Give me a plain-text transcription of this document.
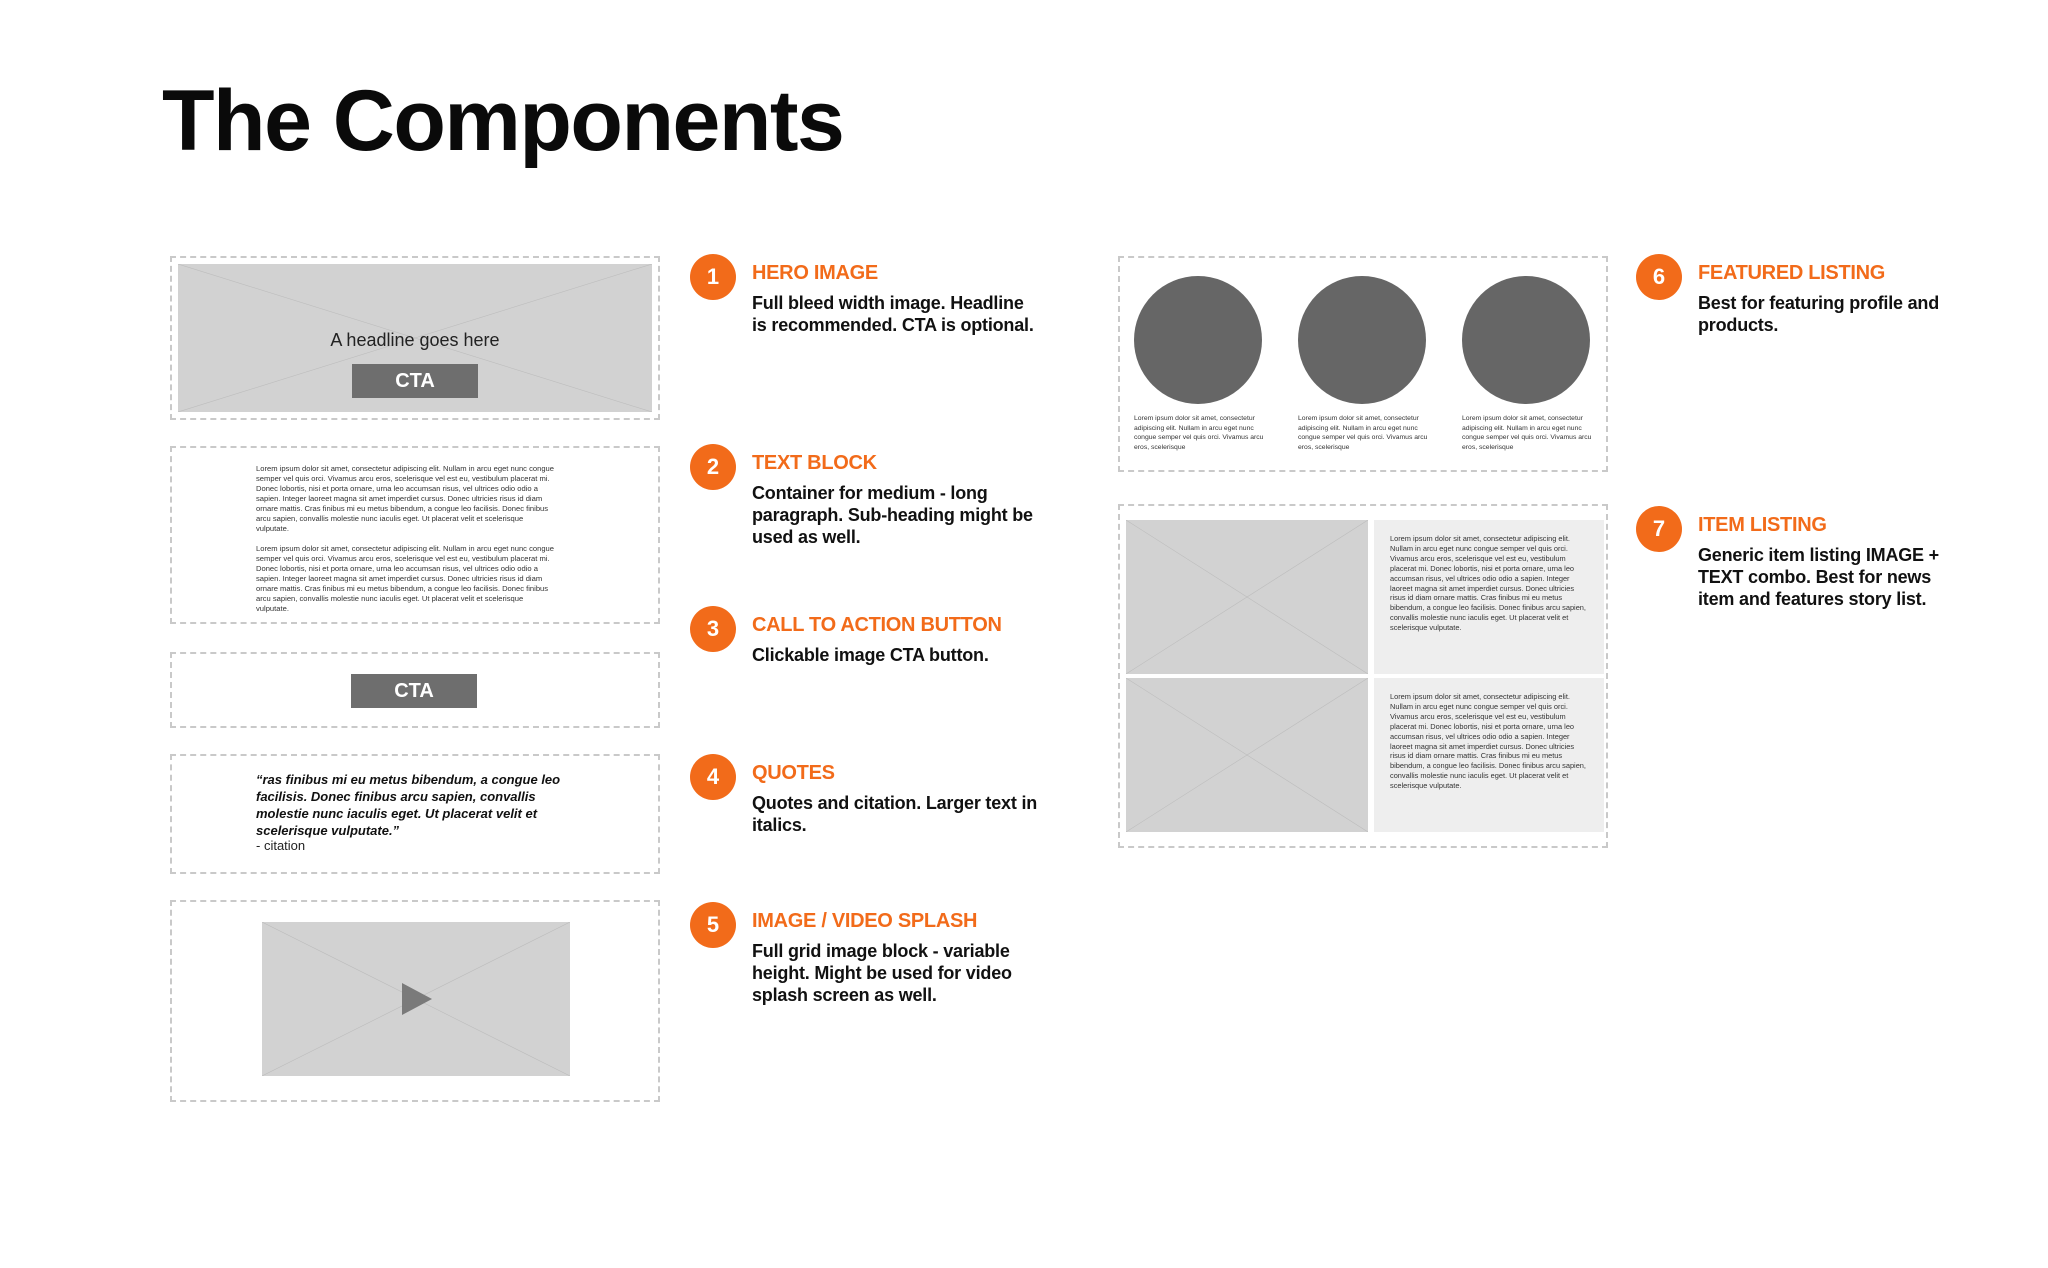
The Components
A headline goes here
CTA
Lorem ipsum dolor sit amet, consectetur adipiscing elit. Nullam in arcu eget nunc congue semper vel quis orci. Vivamus arcu eros, scelerisque vel est eu, vestibulum placerat mi. Donec lobortis, nisi et porta ornare, urna leo accumsan risus, vel ultrices odio odio a sapien. Integer laoreet magna sit amet imperdiet cursus. Donec ultricies risus id diam ornare mattis. Cras finibus mi eu metus bibendum, a congue leo facilisis. Donec finibus arcu sapien, convallis molestie nunc iaculis eget. Ut placerat velit et scelerisque vulputate.
Lorem ipsum dolor sit amet, consectetur adipiscing elit. Nullam in arcu eget nunc congue semper vel quis orci. Vivamus arcu eros, scelerisque vel est eu, vestibulum placerat mi. Donec lobortis, nisi et porta ornare, urna leo accumsan risus, vel ultrices odio odio a sapien. Integer laoreet magna sit amet imperdiet cursus. Donec ultricies risus id diam ornare mattis. Cras finibus mi eu metus bibendum, a congue leo facilisis. Donec finibus arcu sapien, convallis molestie nunc iaculis eget. Ut placerat velit et scelerisque vulputate.
CTA
“ras finibus mi eu metus bibendum, a congue leo facilisis. Donec finibus arcu sapien, convallis molestie nunc iaculis eget. Ut placerat velit et scelerisque vulputate.”
- citation
Lorem ipsum dolor sit amet, consectetur adipiscing elit. Nullam in arcu eget nunc congue semper vel quis orci. Vivamus arcu eros, scelerisque
Lorem ipsum dolor sit amet, consectetur adipiscing elit. Nullam in arcu eget nunc congue semper vel quis orci. Vivamus arcu eros, scelerisque
Lorem ipsum dolor sit amet, consectetur adipiscing elit. Nullam in arcu eget nunc congue semper vel quis orci. Vivamus arcu eros, scelerisque
Lorem ipsum dolor sit amet, consectetur adipiscing elit. Nullam in arcu eget nunc congue semper vel quis orci. Vivamus arcu eros, scelerisque vel est eu, vestibulum placerat mi. Donec lobortis, nisi et porta ornare, urna leo accumsan risus, vel ultrices odio odio a sapien. Integer laoreet magna sit amet imperdiet cursus. Donec ultricies risus id diam ornare mattis. Cras finibus mi eu metus bibendum, a congue leo facilisis. Donec finibus arcu sapien, convallis molestie nunc iaculis eget. Ut placerat velit et scelerisque vulputate.
Lorem ipsum dolor sit amet, consectetur adipiscing elit. Nullam in arcu eget nunc congue semper vel quis orci. Vivamus arcu eros, scelerisque vel est eu, vestibulum placerat mi. Donec lobortis, nisi et porta ornare, urna leo accumsan risus, vel ultrices odio odio a sapien. Integer laoreet magna sit amet imperdiet cursus. Donec ultricies risus id diam ornare mattis. Cras finibus mi eu metus bibendum, a congue leo facilisis. Donec finibus arcu sapien, convallis molestie nunc iaculis eget. Ut placerat velit et scelerisque vulputate.
1	HERO IMAGE
Full bleed width image. Headline is recommended. CTA is optional.
2	TEXT BLOCK
Container for medium - long paragraph. Sub-heading might be used as well.
3	CALL TO ACTION BUTTON
Clickable image CTA button.
4	QUOTES
Quotes and citation. Larger text in italics.
5	IMAGE / VIDEO SPLASH
Full grid image block - variable height. Might be used for video splash screen as well.
6	FEATURED LISTING
Best for featuring profile and products.
7	ITEM LISTING
Generic item listing IMAGE + TEXT combo. Best for news item and features story list.
